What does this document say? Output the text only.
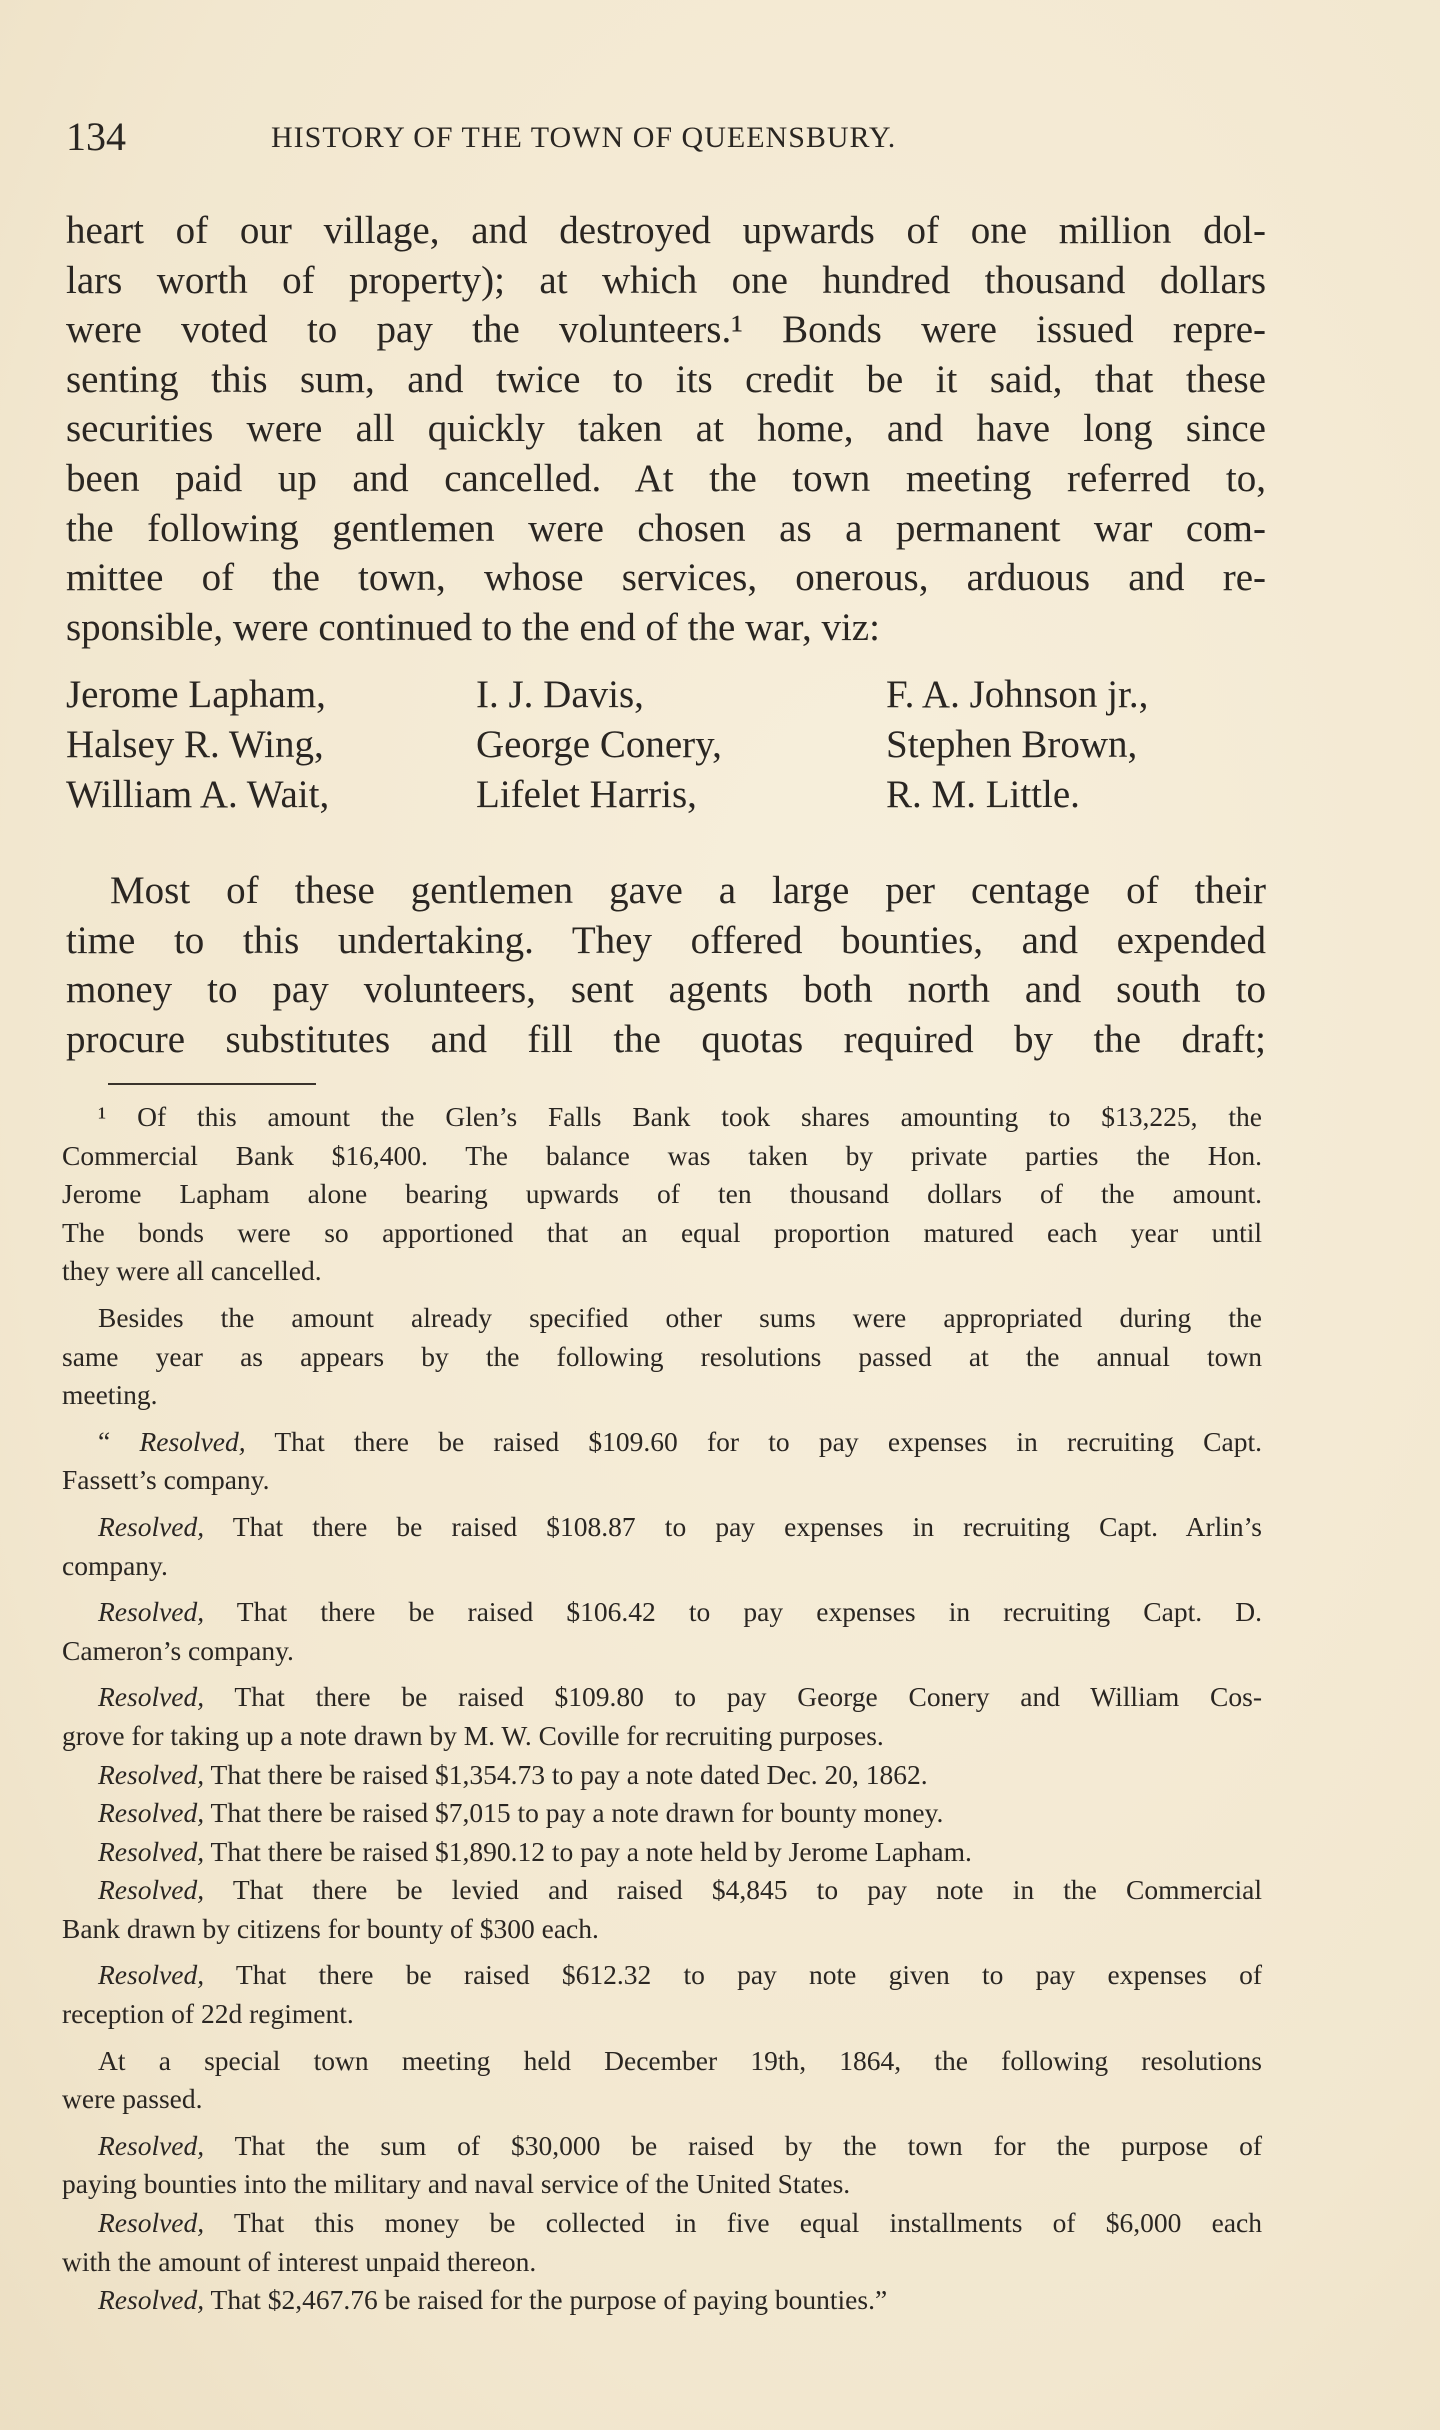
134	HISTORY OF THE TOWN OF QUEENSBURY.
heart of our village, and destroyed upwards of one million dol-
lars worth of property); at which one hundred thousand dollars
were voted to pay the volunteers.¹ Bonds were issued repre-
senting this sum, and twice to its credit be it said, that these
securities were all quickly taken at home, and have long since
been paid up and cancelled. At the town meeting referred to,
the following gentlemen were chosen as a permanent war com-
mittee of the town, whose services, onerous, arduous and re-
sponsible, were continued to the end of the war, viz:
Jerome Lapham,
Halsey R. Wing,
William A. Wait,
I. J. Davis,
George Conery,
Lifelet Harris,
F. A. Johnson jr.,
Stephen Brown,
R. M. Little.
Most of these gentlemen gave a large per centage of their
time to this undertaking. They offered bounties, and expended
money to pay volunteers, sent agents both north and south to
procure substitutes and fill the quotas required by the draft;
¹ Of this amount the Glen’s Falls Bank took shares amounting to $13,225, the
Commercial Bank $16,400. The balance was taken by private parties the Hon.
Jerome Lapham alone bearing upwards of ten thousand dollars of the amount.
The bonds were so apportioned that an equal proportion matured each year until
they were all cancelled.
Besides the amount already specified other sums were appropriated during the
same year as appears by the following resolutions passed at the annual town
meeting.
“ Resolved, That there be raised $109.60 for to pay expenses in recruiting Capt.
Fassett’s company.
Resolved, That there be raised $108.87 to pay expenses in recruiting Capt. Arlin’s
company.
Resolved, That there be raised $106.42 to pay expenses in recruiting Capt. D.
Cameron’s company.
Resolved, That there be raised $109.80 to pay George Conery and William Cos-
grove for taking up a note drawn by M. W. Coville for recruiting purposes.
Resolved, That there be raised $1,354.73 to pay a note dated Dec. 20, 1862.
Resolved, That there be raised $7,015 to pay a note drawn for bounty money.
Resolved, That there be raised $1,890.12 to pay a note held by Jerome Lapham.
Resolved, That there be levied and raised $4,845 to pay note in the Commercial
Bank drawn by citizens for bounty of $300 each.
Resolved, That there be raised $612.32 to pay note given to pay expenses of
reception of 22d regiment.
At a special town meeting held December 19th, 1864, the following resolutions
were passed.
Resolved, That the sum of $30,000 be raised by the town for the purpose of
paying bounties into the military and naval service of the United States.
Resolved, That this money be collected in five equal installments of $6,000 each
with the amount of interest unpaid thereon.
Resolved, That $2,467.76 be raised for the purpose of paying bounties.”
